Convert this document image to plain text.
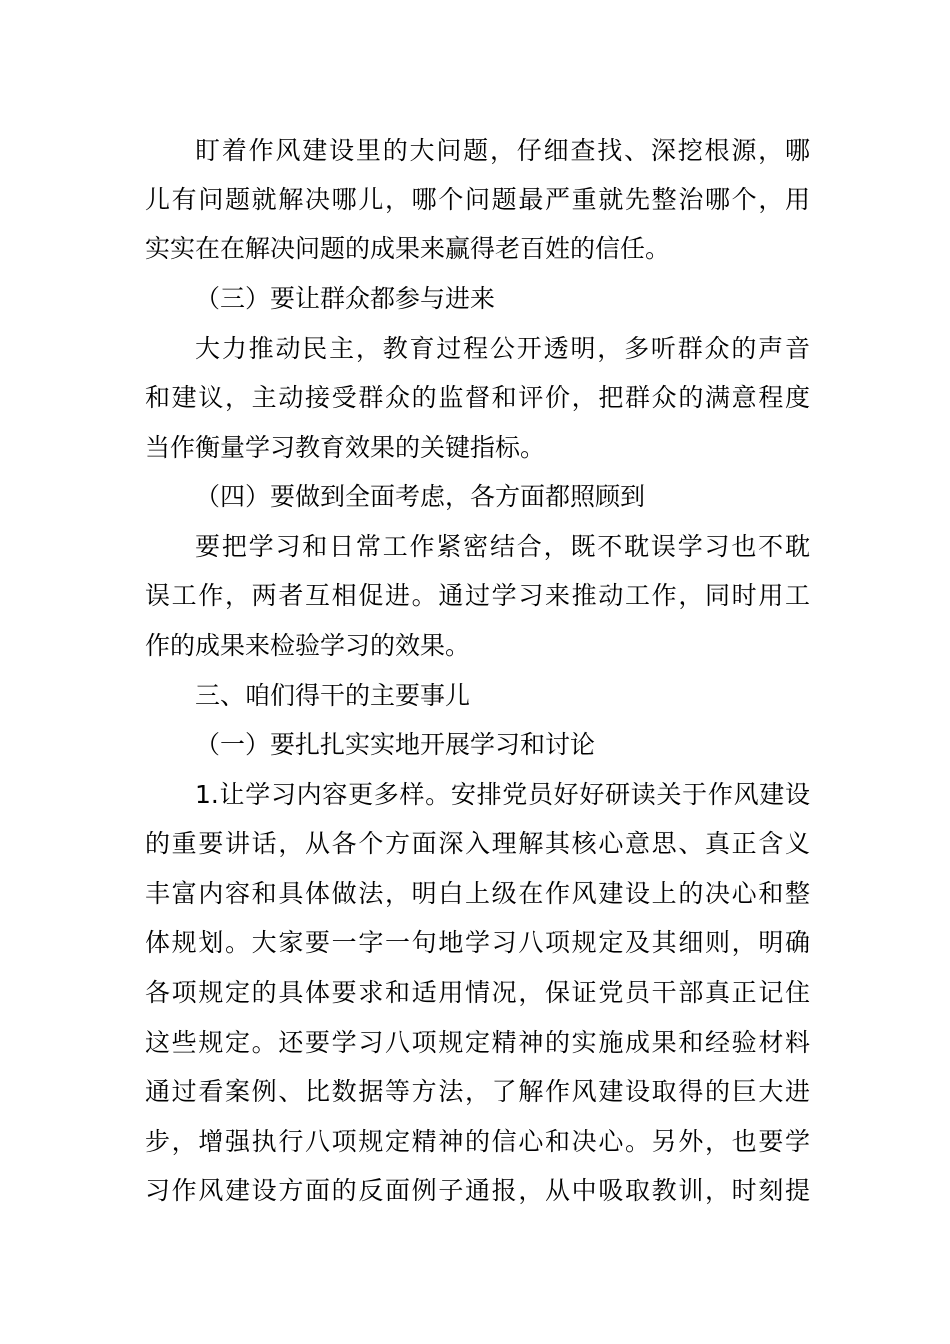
盯着作风建设里的大问题，仔细查找、深挖根源，哪
儿有问题就解决哪儿，哪个问题最严重就先整治哪个，用
实实在在解决问题的成果来赢得老百姓的信任。
（三）要让群众都参与进来
大力推动民主，教育过程公开透明，多听群众的声音
和建议，主动接受群众的监督和评价，把群众的满意程度
当作衡量学习教育效果的关键指标。
（四）要做到全面考虑，各方面都照顾到
要把学习和日常工作紧密结合，既不耽误学习也不耽
误工作，两者互相促进。通过学习来推动工作，同时用工
作的成果来检验学习的效果。
三、咱们得干的主要事儿
（一）要扎扎实实地开展学习和讨论
1.让学习内容更多样。安排党员好好研读关于作风建设
的重要讲话，从各个方面深入理解其核心意思、真正含义
丰富内容和具体做法，明白上级在作风建设上的决心和整
体规划。大家要一字一句地学习八项规定及其细则，明确
各项规定的具体要求和适用情况，保证党员干部真正记住
这些规定。还要学习八项规定精神的实施成果和经验材料
通过看案例、比数据等方法，了解作风建设取得的巨大进
步，增强执行八项规定精神的信心和决心。另外，也要学
习作风建设方面的反面例子通报，从中吸取教训，时刻提
